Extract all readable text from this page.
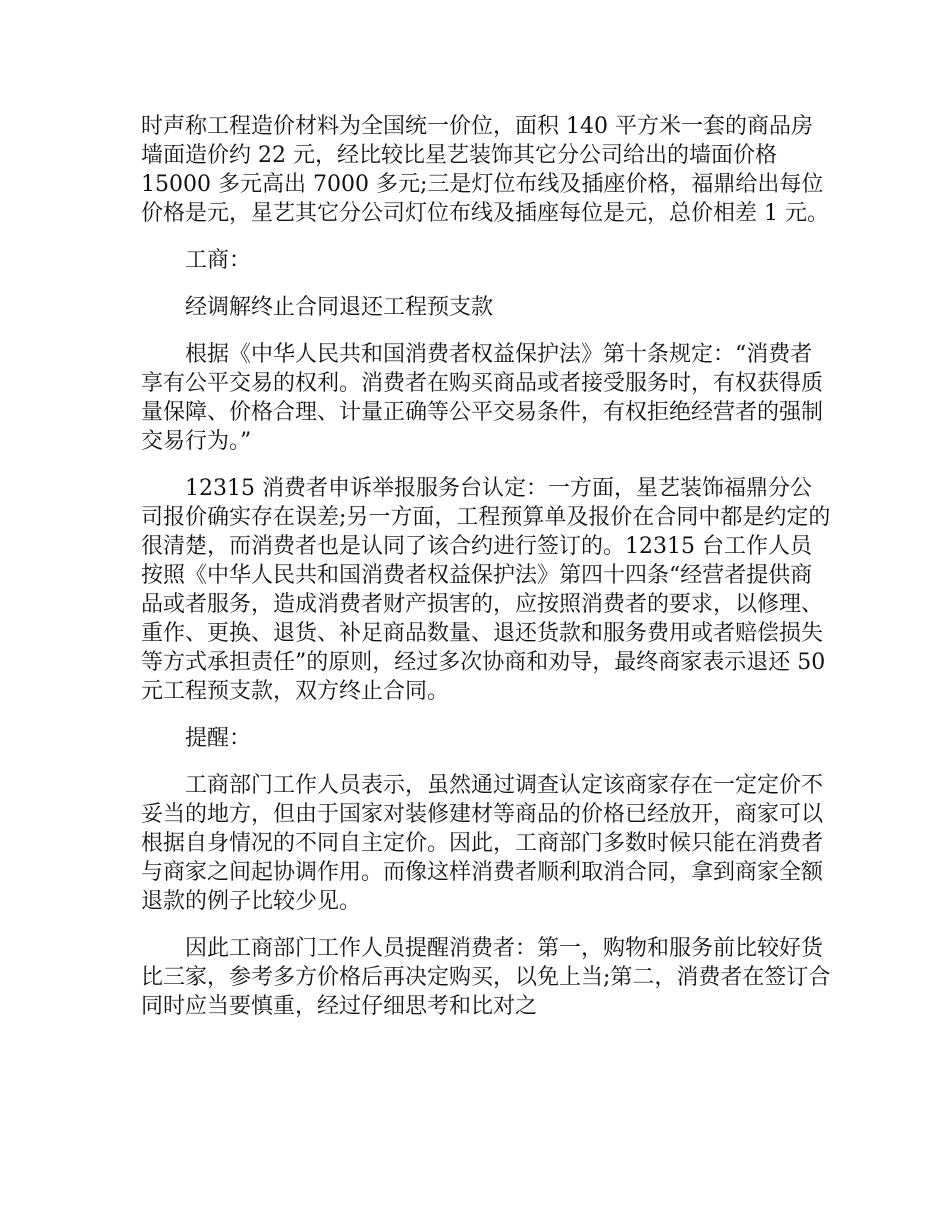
时声称工程造价材料为全国统一价位，面积 140 平方米一套的商品房墙面造价约 22 元，经比较比星艺装饰其它分公司给出的墙面价格 15000 多元高出 7000 多元;三是灯位布线及插座价格，福鼎给出每位价格是元，星艺其它分公司灯位布线及插座每位是元，总价相差 1 元。

工商：

经调解终止合同退还工程预支款

根据《中华人民共和国消费者权益保护法》第十条规定：“消费者享有公平交易的权利。消费者在购买商品或者接受服务时，有权获得质量保障、价格合理、计量正确等公平交易条件，有权拒绝经营者的强制交易行为。”

12315 消费者申诉举报服务台认定：一方面，星艺装饰福鼎分公司报价确实存在误差;另一方面，工程预算单及报价在合同中都是约定的很清楚，而消费者也是认同了该合约进行签订的。12315 台工作人员按照《中华人民共和国消费者权益保护法》第四十四条“经营者提供商品或者服务，造成消费者财产损害的，应按照消费者的要求，以修理、重作、更换、退货、补足商品数量、退还货款和服务费用或者赔偿损失等方式承担责任”的原则，经过多次协商和劝导，最终商家表示退还 50 元工程预支款，双方终止合同。

提醒：

工商部门工作人员表示，虽然通过调查认定该商家存在一定定价不妥当的地方，但由于国家对装修建材等商品的价格已经放开，商家可以根据自身情况的不同自主定价。因此，工商部门多数时候只能在消费者与商家之间起协调作用。而像这样消费者顺利取消合同，拿到商家全额退款的例子比较少见。

因此工商部门工作人员提醒消费者：第一，购物和服务前比较好货比三家，参考多方价格后再决定购买，以免上当;第二，消费者在签订合同时应当要慎重，经过仔细思考和比对之
